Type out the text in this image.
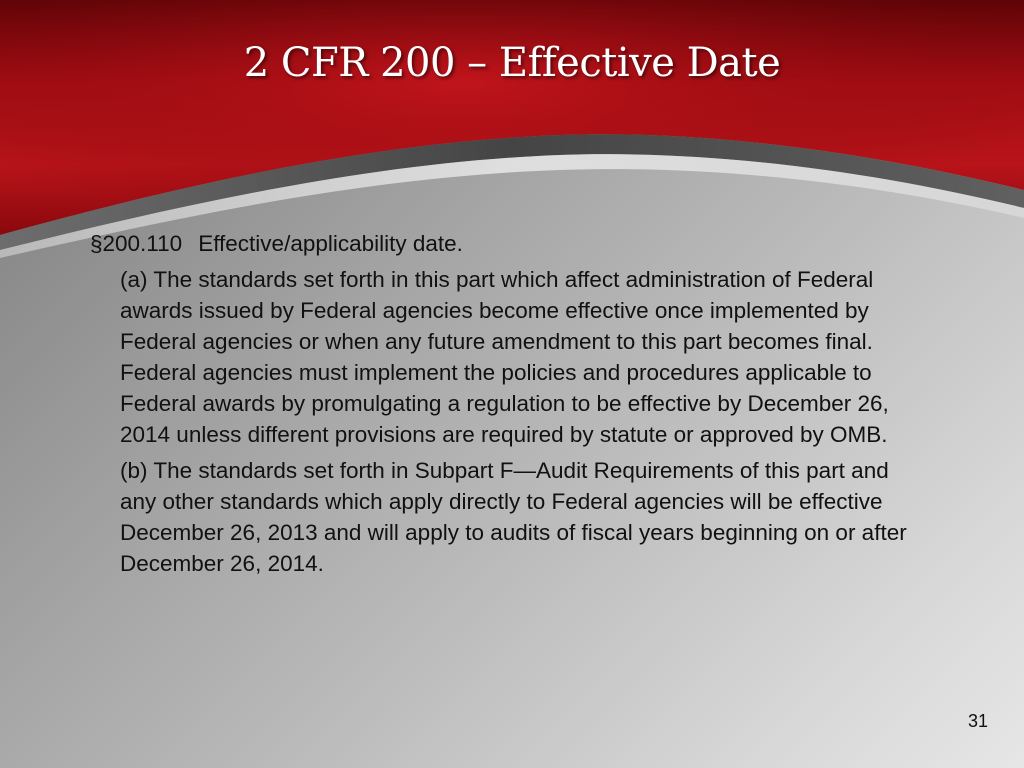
2 CFR 200 – Effective Date
§200.110 Effective/applicability date.
(a) The standards set forth in this part which affect administration of Federal awards issued by Federal agencies become effective once implemented by Federal agencies or when any future amendment to this part becomes final. Federal agencies must implement the policies and procedures applicable to Federal awards by promulgating a regulation to be effective by December 26, 2014 unless different provisions are required by statute or approved by OMB.
(b) The standards set forth in Subpart F—Audit Requirements of this part and any other standards which apply directly to Federal agencies will be effective December 26, 2013 and will apply to audits of fiscal years beginning on or after December 26, 2014.
31
